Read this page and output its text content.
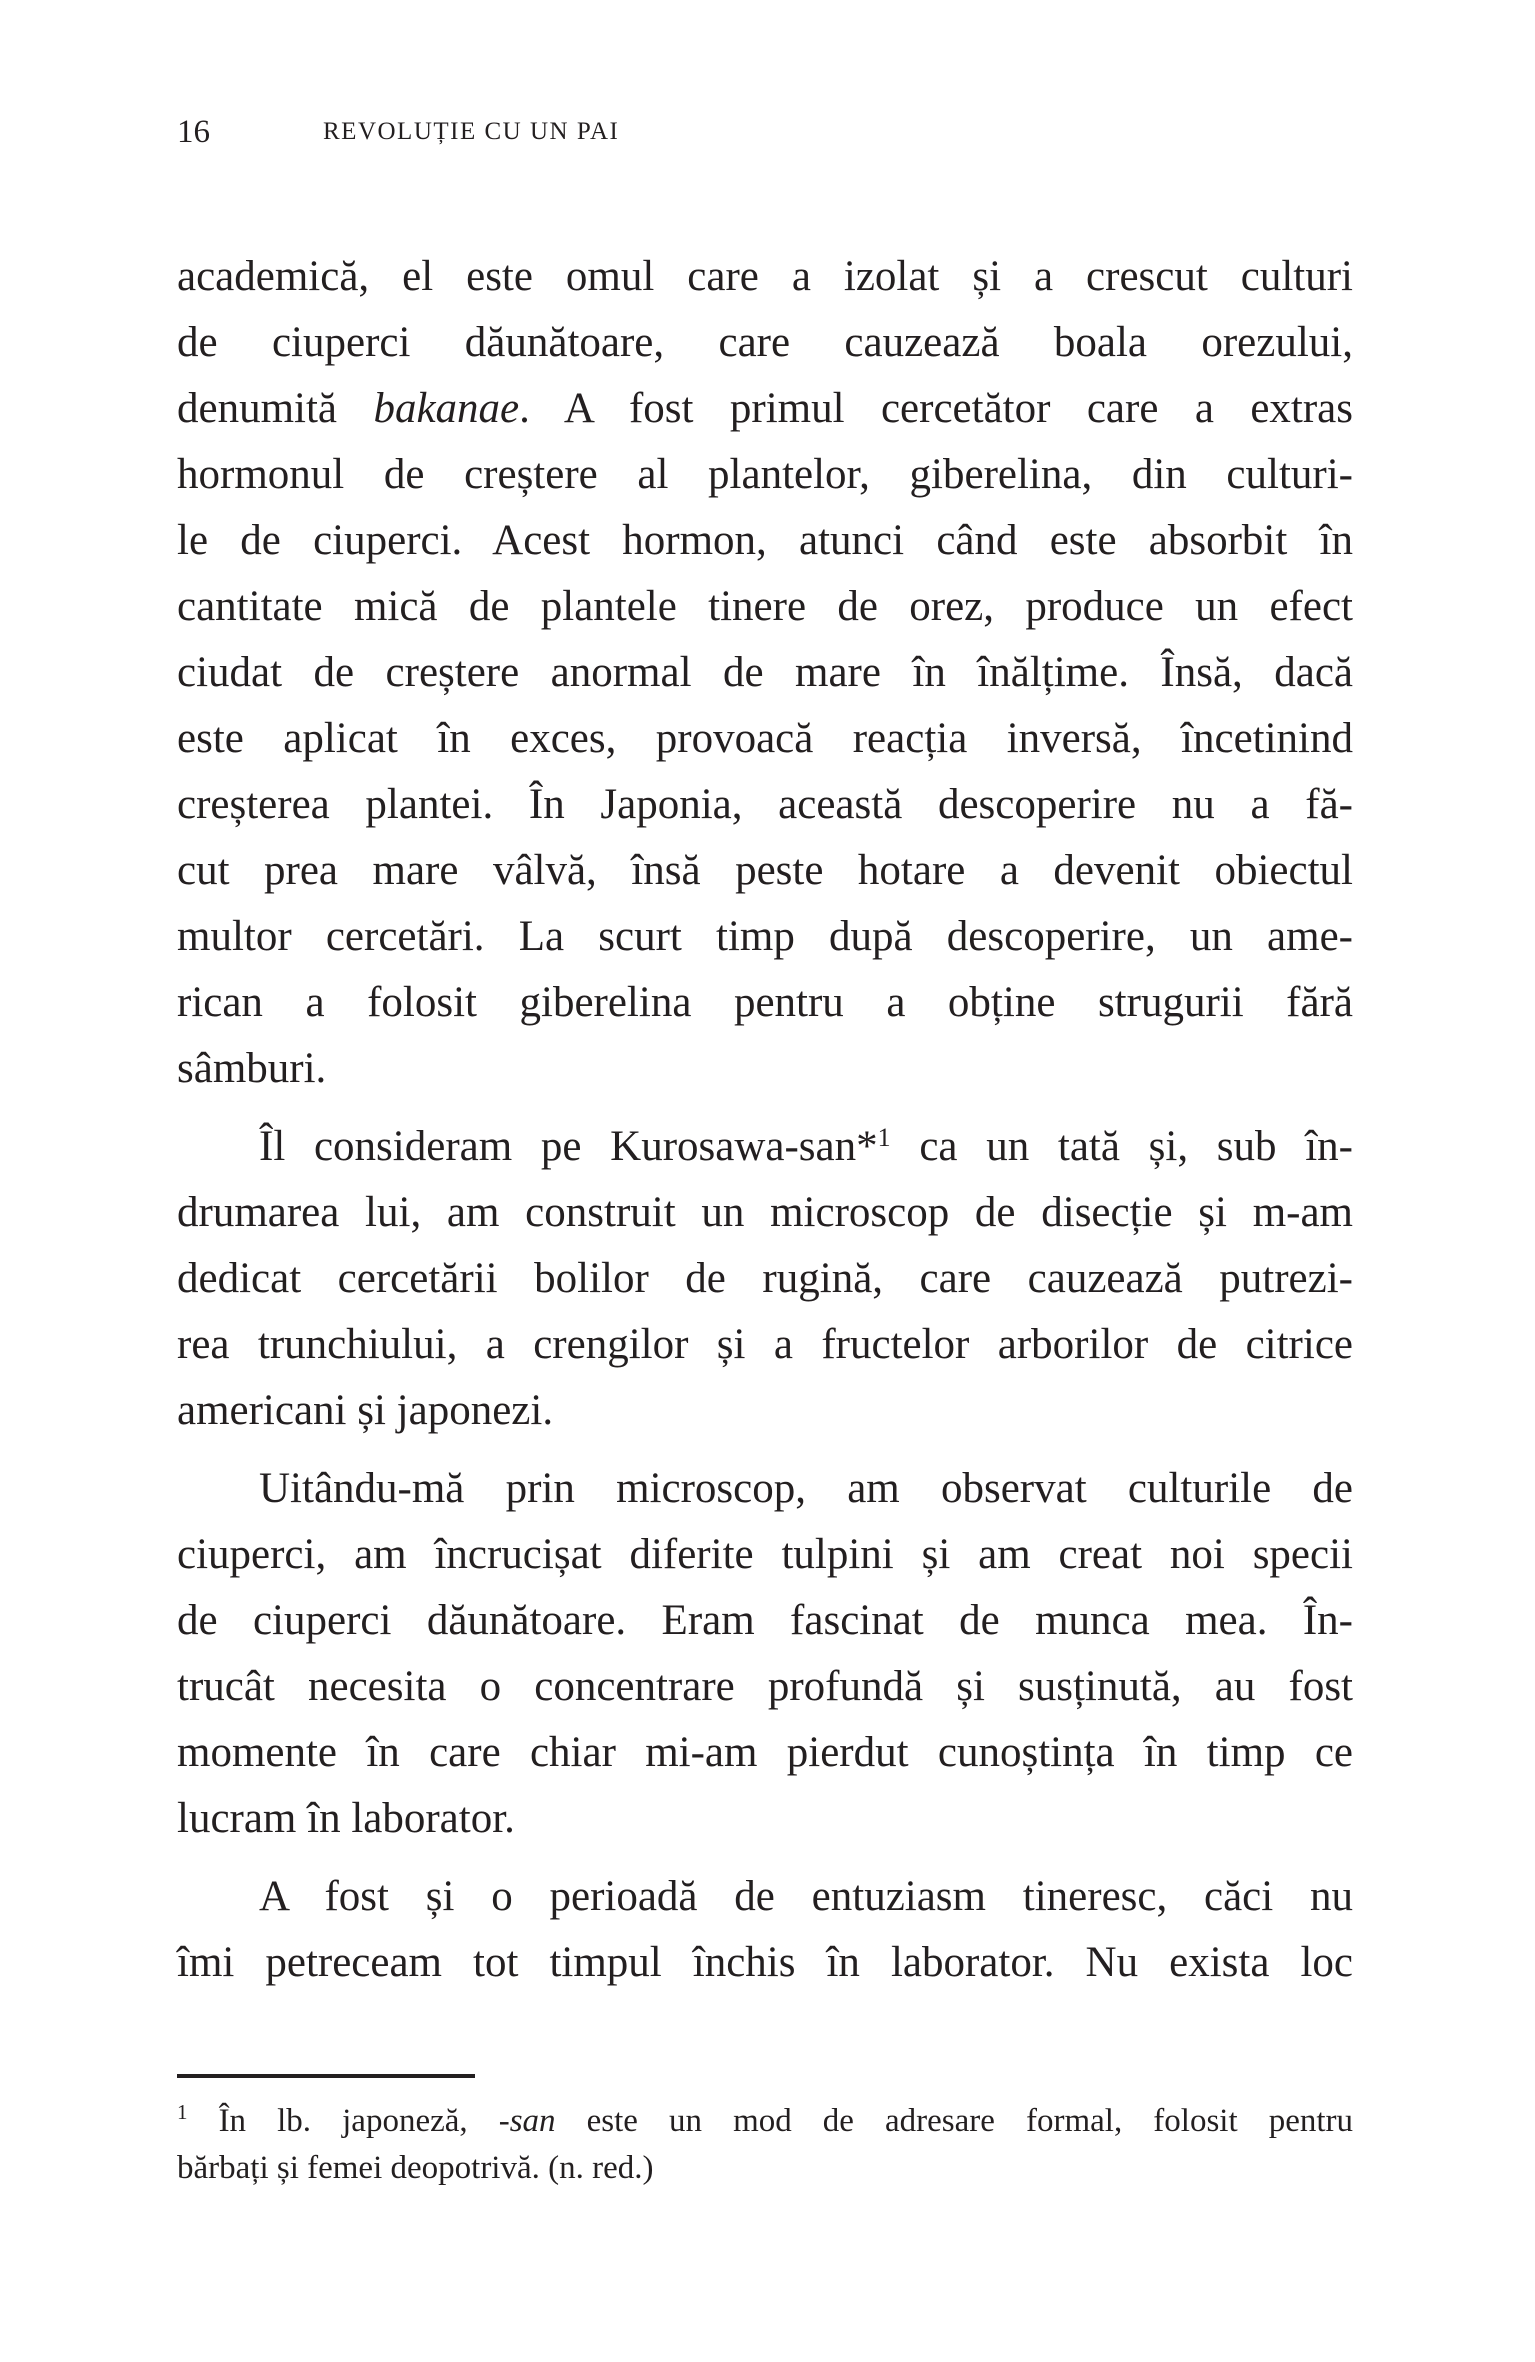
16	REVOLUȚIE CU UN PAI
academică, el este omul care a izolat și a crescut culturi
de ciuperci dăunătoare, care cauzează boala orezului,
denumită bakanae. A fost primul cercetător care a extras
hormonul de creștere al plantelor, giberelina, din culturi-
le de ciuperci. Acest hormon, atunci când este absorbit în
cantitate mică de plantele tinere de orez, produce un efect
ciudat de creștere anormal de mare în înălțime. Însă, dacă
este aplicat în exces, provoacă reacția inversă, încetinind
creșterea plantei. În Japonia, această descoperire nu a fă-
cut prea mare vâlvă, însă peste hotare a devenit obiectul
multor cercetări. La scurt timp după descoperire, un ame-
rican a folosit giberelina pentru a obține strugurii fără
sâmburi.
Îl consideram pe Kurosawa-san*$^1$ ca un tată și, sub în-
drumarea lui, am construit un microscop de disecție și m-am
dedicat cercetării bolilor de rugină, care cauzează putrezi-
rea trunchiului, a crengilor și a fructelor arborilor de citrice
americani și japonezi.
Uitându-mă prin microscop, am observat culturile de
ciuperci, am încrucișat diferite tulpini și am creat noi specii
de ciuperci dăunătoare. Eram fascinat de munca mea. În-
trucât necesita o concentrare profundă și susținută, au fost
momente în care chiar mi-am pierdut cunoștința în timp ce
lucram în laborator.
A fost și o perioadă de entuziasm tineresc, căci nu
îmi petreceam tot timpul închis în laborator. Nu exista loc
$^1$ În lb. japoneză, -san este un mod de adresare formal, folosit pentru
bărbați și femei deopotrivă. (n. red.)
